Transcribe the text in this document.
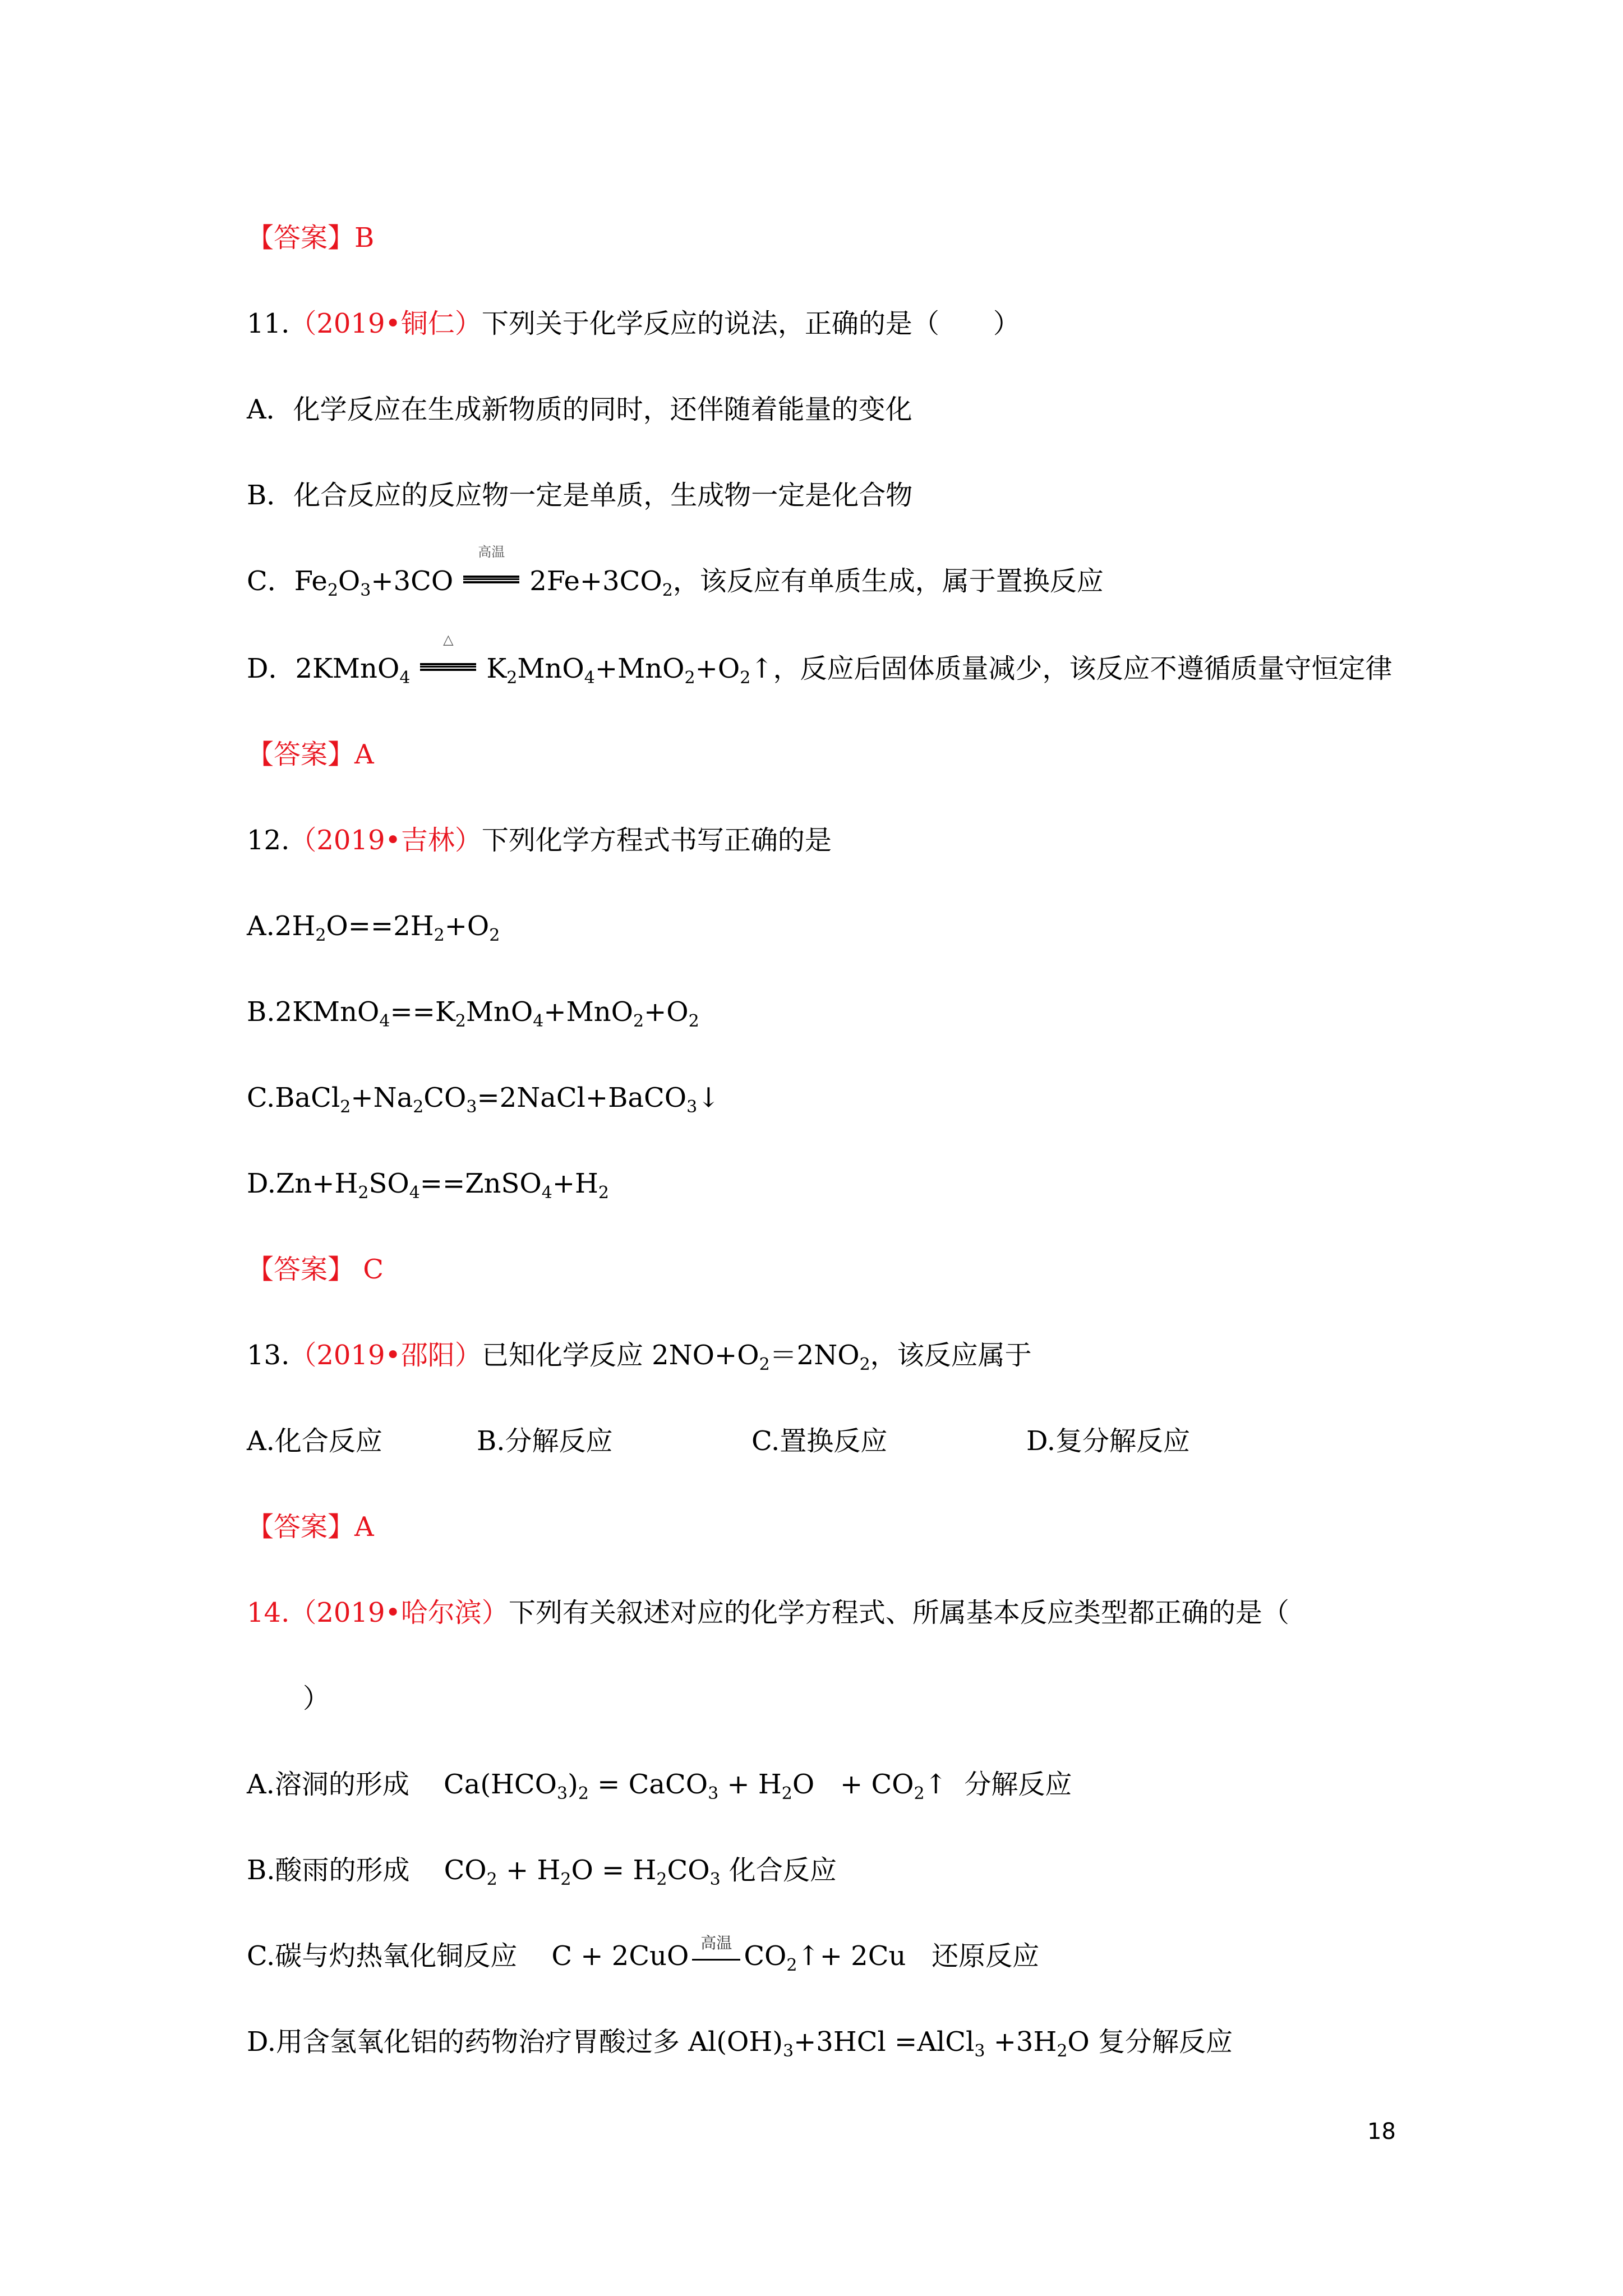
【答案】B
11.（2019•铜仁）下列关于化学反应的说法，正确的是（　　）
A．化学反应在生成新物质的同时，还伴随着能量的变化
B．化合反应的反应物一定是单质，生成物一定是化合物
C．$Fe_2O_3+3CO$
高温
$2Fe+3CO_2$，该反应有单质生成，属于置换反应
D．2KMnO$_4$
△
$K_2MnO_4+MnO_2+O_2↑$，反应后固体质量减少，该反应不遵循质量守恒定律
【答案】A
12.（2019•吉林）下列化学方程式书写正确的是
$A.2H_2O==2H_2+O_2$
$B.2KMnO_4==K_2MnO_4+MnO_2+O_2$
$C.BaCl_2+Na_2CO_3=2NaCl+BaCO_3↓$
$D.Zn+H_2SO_4==ZnSO_4+H_2$
【答案】 C
13.（2019•邵阳）已知化学反应 $2NO+O_2=2NO_2$，该反应属于
A.化合反应	B.分解反应	C.置换反应	D.复分解反应
【答案】A
14.（2019•哈尔滨）下列有关叙述对应的化学方程式、所属基本反应类型都正确的是（
）
A.溶洞的形成    $Ca(HCO_3)_2$ = CaCO$_3$ + $H_2O$   + $CO_2↑$  分解反应
B.酸雨的形成    $CO_2 + H_2O = H_2CO_3$ 化合反应
C.碳与灼热氧化铜反应    C + 2CuO 高温 $CO_2↑+ 2Cu$   还原反应
D.用含氢氧化铝的药物治疗胃酸过多 $Al(OH)_3+3HCl$ =AlCl$_3$ $+3H_2O$ 复分解反应
18
